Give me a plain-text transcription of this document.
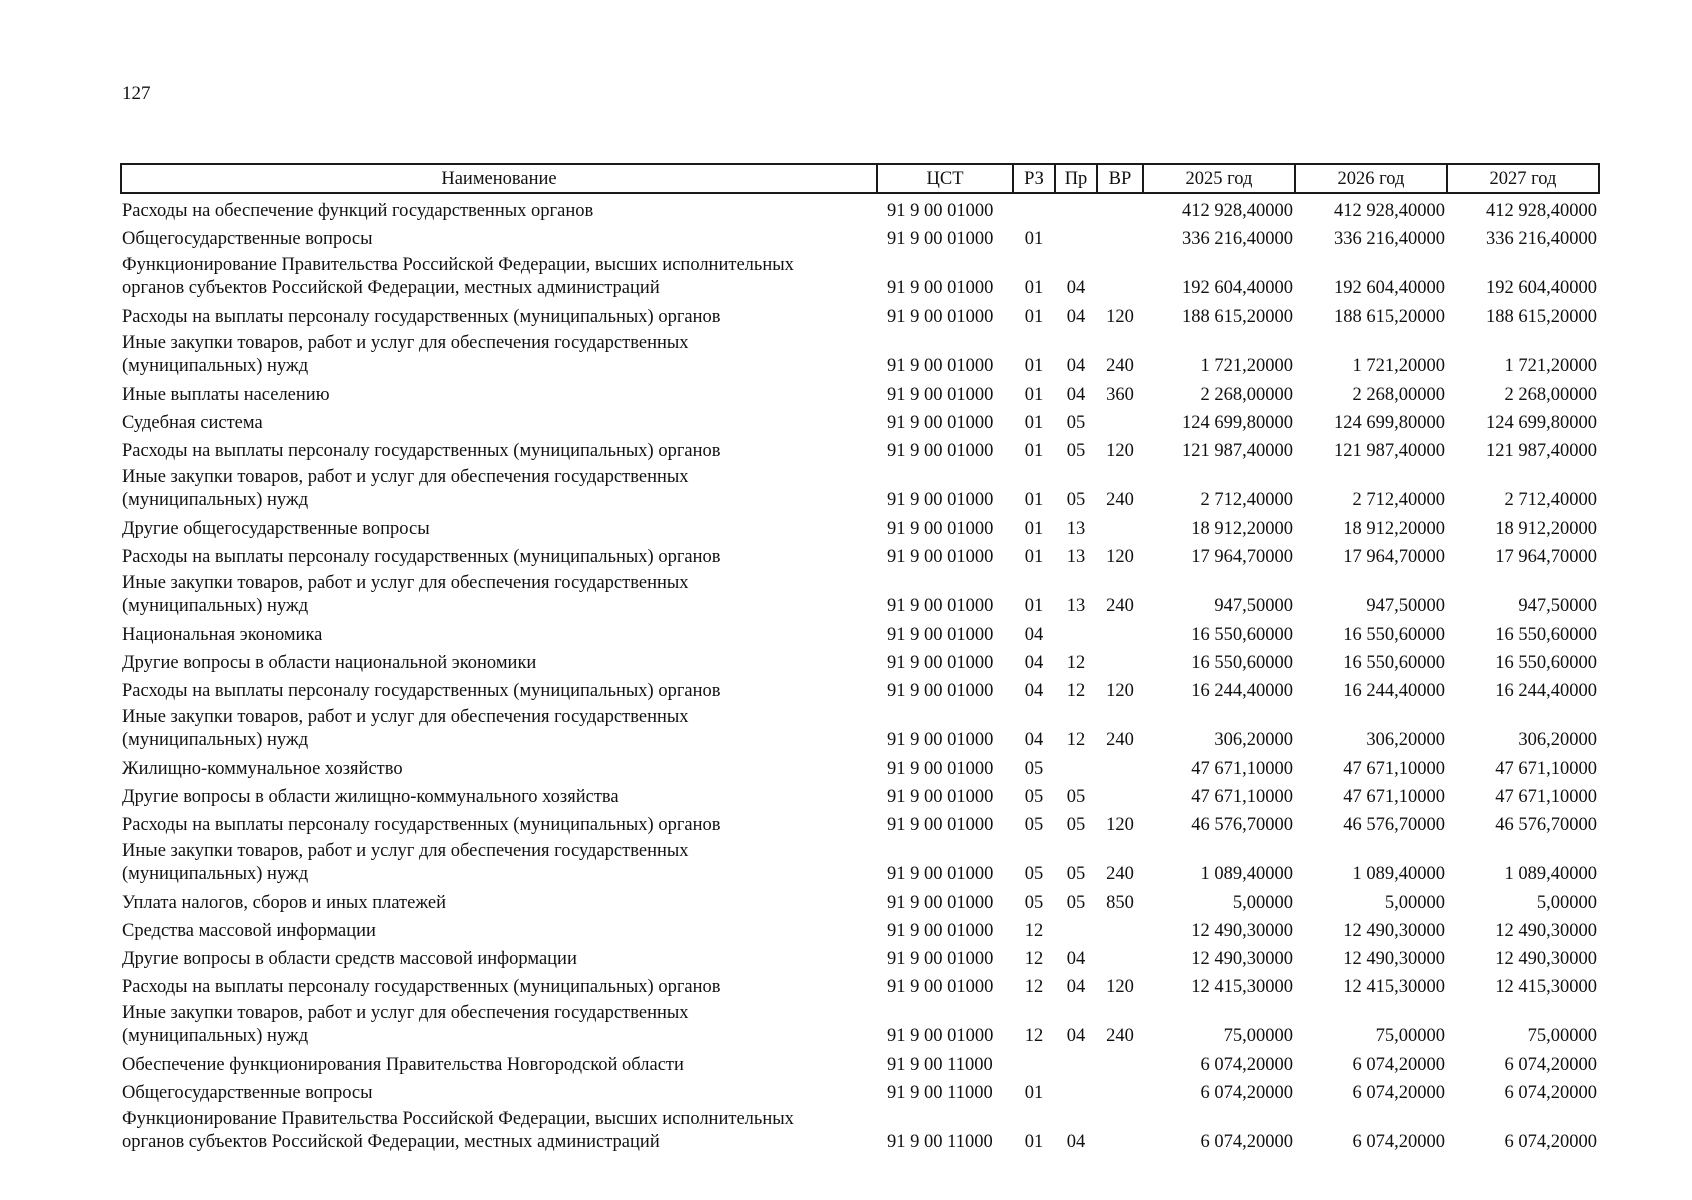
127
Наименование	ЦСТ	РЗ	Пр	ВР	2025 год	2026 год	2027 год

Расходы на обеспечение функций государственных органов	91 9 00 01000				412 928,40000	412 928,40000	412 928,40000

Общегосударственные вопросы	91 9 00 01000	01			336 216,40000	336 216,40000	336 216,40000

Функционирование Правительства Российской Федерации, высших исполнительных
органов субъектов Российской Федерации, местных администраций	91 9 00 01000	01	04		192 604,40000	192 604,40000	192 604,40000

Расходы на выплаты персоналу государственных (муниципальных) органов	91 9 00 01000	01	04	120	188 615,20000	188 615,20000	188 615,20000

Иные закупки товаров, работ и услуг для обеспечения государственных
(муниципальных) нужд	91 9 00 01000	01	04	240	1 721,20000	1 721,20000	1 721,20000

Иные выплаты населению	91 9 00 01000	01	04	360	2 268,00000	2 268,00000	2 268,00000

Судебная система	91 9 00 01000	01	05		124 699,80000	124 699,80000	124 699,80000

Расходы на выплаты персоналу государственных (муниципальных) органов	91 9 00 01000	01	05	120	121 987,40000	121 987,40000	121 987,40000

Иные закупки товаров, работ и услуг для обеспечения государственных
(муниципальных) нужд	91 9 00 01000	01	05	240	2 712,40000	2 712,40000	2 712,40000

Другие общегосударственные вопросы	91 9 00 01000	01	13		18 912,20000	18 912,20000	18 912,20000

Расходы на выплаты персоналу государственных (муниципальных) органов	91 9 00 01000	01	13	120	17 964,70000	17 964,70000	17 964,70000

Иные закупки товаров, работ и услуг для обеспечения государственных
(муниципальных) нужд	91 9 00 01000	01	13	240	947,50000	947,50000	947,50000

Национальная экономика	91 9 00 01000	04			16 550,60000	16 550,60000	16 550,60000

Другие вопросы в области национальной экономики	91 9 00 01000	04	12		16 550,60000	16 550,60000	16 550,60000

Расходы на выплаты персоналу государственных (муниципальных) органов	91 9 00 01000	04	12	120	16 244,40000	16 244,40000	16 244,40000

Иные закупки товаров, работ и услуг для обеспечения государственных
(муниципальных) нужд	91 9 00 01000	04	12	240	306,20000	306,20000	306,20000

Жилищно-коммунальное хозяйство	91 9 00 01000	05			47 671,10000	47 671,10000	47 671,10000

Другие вопросы в области жилищно-коммунального хозяйства	91 9 00 01000	05	05		47 671,10000	47 671,10000	47 671,10000

Расходы на выплаты персоналу государственных (муниципальных) органов	91 9 00 01000	05	05	120	46 576,70000	46 576,70000	46 576,70000

Иные закупки товаров, работ и услуг для обеспечения государственных
(муниципальных) нужд	91 9 00 01000	05	05	240	1 089,40000	1 089,40000	1 089,40000

Уплата налогов, сборов и иных платежей	91 9 00 01000	05	05	850	5,00000	5,00000	5,00000

Средства массовой информации	91 9 00 01000	12			12 490,30000	12 490,30000	12 490,30000

Другие вопросы в области средств массовой информации	91 9 00 01000	12	04		12 490,30000	12 490,30000	12 490,30000

Расходы на выплаты персоналу государственных (муниципальных) органов	91 9 00 01000	12	04	120	12 415,30000	12 415,30000	12 415,30000

Иные закупки товаров, работ и услуг для обеспечения государственных
(муниципальных) нужд	91 9 00 01000	12	04	240	75,00000	75,00000	75,00000

Обеспечение функционирования Правительства Новгородской области	91 9 00 11000				6 074,20000	6 074,20000	6 074,20000

Общегосударственные вопросы	91 9 00 11000	01			6 074,20000	6 074,20000	6 074,20000

Функционирование Правительства Российской Федерации, высших исполнительных
органов субъектов Российской Федерации, местных администраций	91 9 00 11000	01	04		6 074,20000	6 074,20000	6 074,20000
